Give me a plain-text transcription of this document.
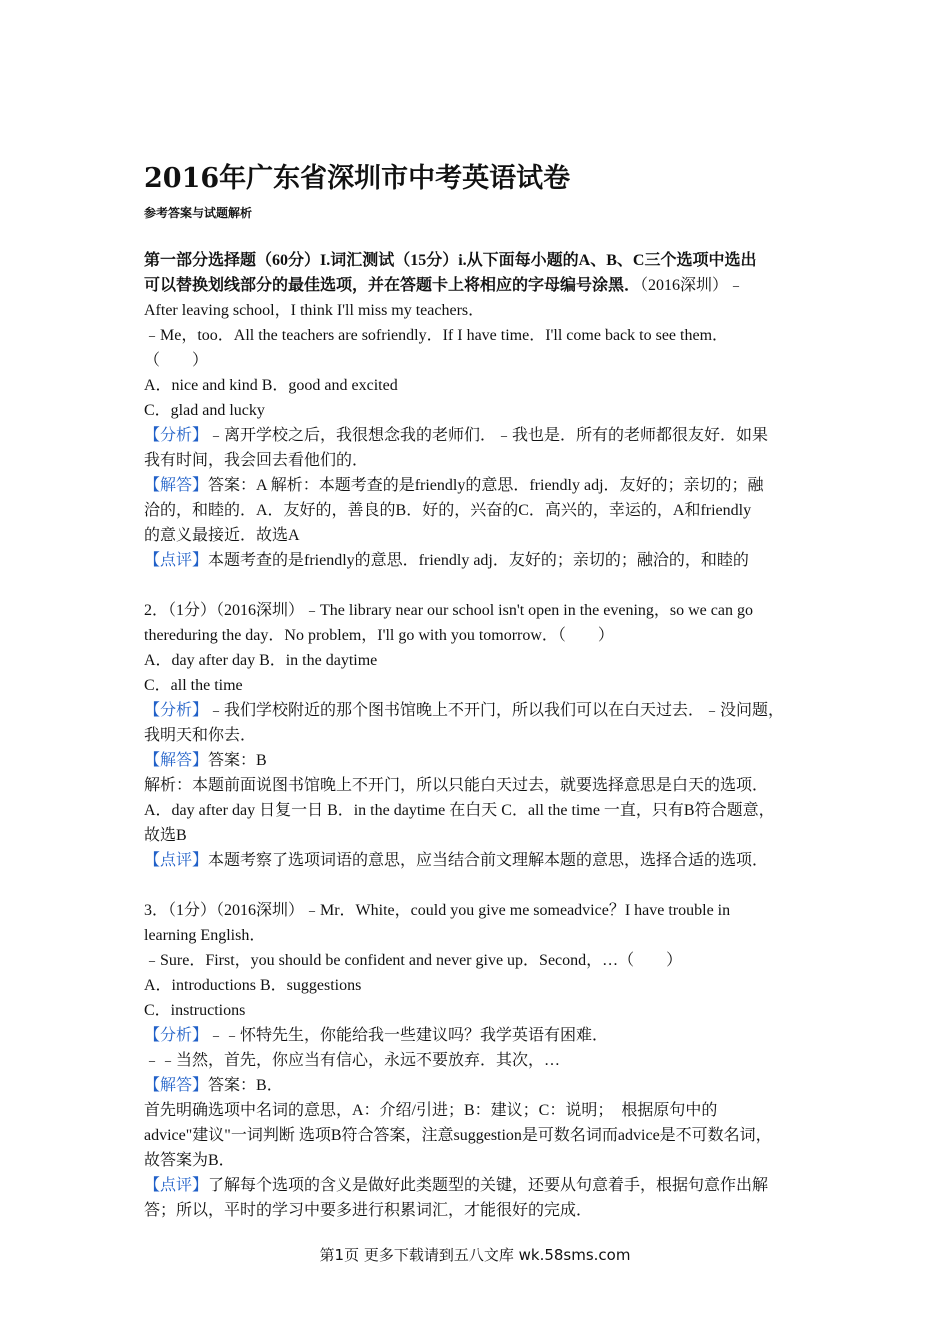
2016年广东省深圳市中考英语试卷
参考答案与试题解析
第一部分选择题（60分）I.词汇测试（15分）i.从下面每小题的A、B、C三个选项中选出
可以替换划线部分的最佳选项，并在答题卡上将相应的字母编号涂黑．（2016深圳）﹣
After leaving school，I think I'll miss my teachers．
﹣Me，too．All the teachers are sofriendly．If I have time．I'll come back to see them．
（　　）
A．nice and kind B．good and excited
C．glad and lucky
【分析】﹣离开学校之后，我很想念我的老师们．﹣我也是．所有的老师都很友好．如果
我有时间，我会回去看他们的．
【解答】答案：A 解析：本题考查的是friendly的意思．friendly adj．友好的；亲切的；融
洽的，和睦的．A．友好的，善良的B．好的，兴奋的C．高兴的，幸运的，A和friendly
的意义最接近．故选A
【点评】本题考查的是friendly的意思．friendly adj．友好的；亲切的；融洽的，和睦的
2．（1分）（2016深圳）﹣The library near our school isn't open in the evening，so we can go
thereduring the day．No problem，I'll go with you tomorrow．（　　）
A．day after day B．in the daytime
C．all the time
【分析】﹣我们学校附近的那个图书馆晚上不开门，所以我们可以在白天过去．﹣没问题，
我明天和你去．
【解答】答案：B
解析：本题前面说图书馆晚上不开门，所以只能白天过去，就要选择意思是白天的选项．
A．day after day 日复一日 B．in the daytime 在白天 C．all the time 一直，只有B符合题意，
故选B
【点评】本题考察了选项词语的意思，应当结合前文理解本题的意思，选择合适的选项．
3．（1分）（2016深圳）﹣Mr．White，could you give me someadvice？I have trouble in
learning English．
﹣Sure．First，you should be confident and never give up．Second，…（　　）
A．introductions B．suggestions
C．instructions
【分析】﹣﹣怀特先生，你能给我一些建议吗？我学英语有困难．
﹣﹣当然，首先，你应当有信心，永远不要放弃．其次，…
【解答】答案：B．
首先明确选项中名词的意思，A：介绍/引进；B：建议；C：说明；　根据原句中的
advice"建议"一词判断 选项B符合答案，注意suggestion是可数名词而advice是不可数名词，
故答案为B．
【点评】了解每个选项的含义是做好此类题型的关键，还要从句意着手，根据句意作出解
答；所以，平时的学习中要多进行积累词汇，才能很好的完成．
第1页 更多下载请到五八文库 wk.58sms.com
